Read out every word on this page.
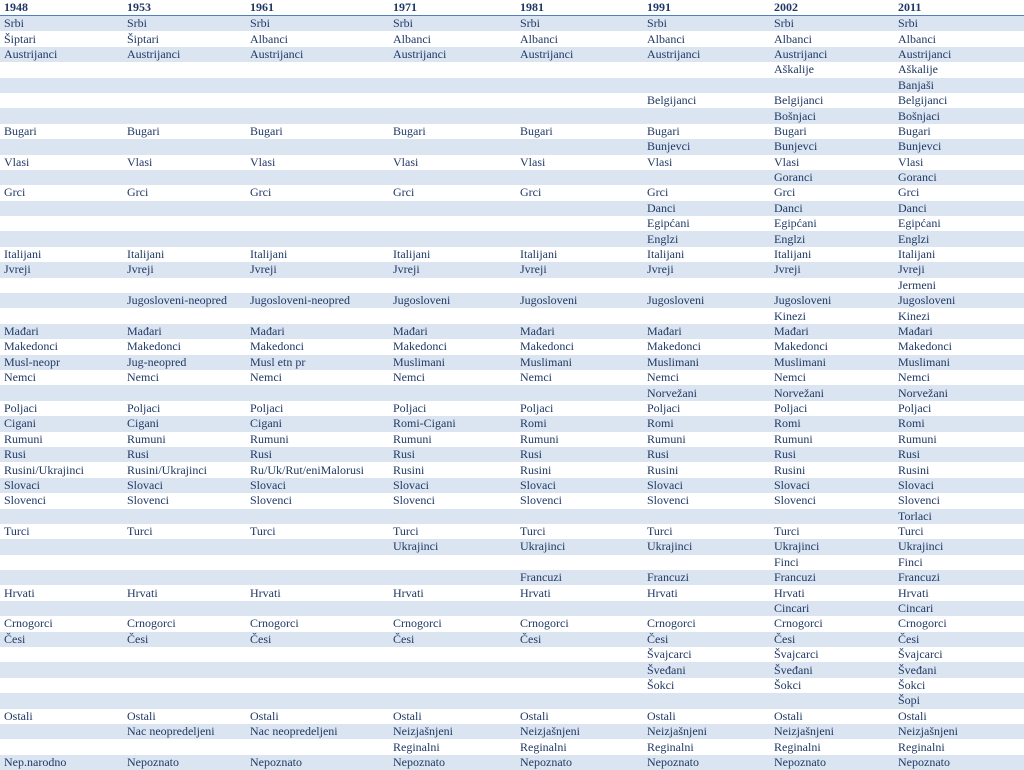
1948	1953	1961	1971	1981	1991	2002	2011
Srbi	Srbi	Srbi	Srbi	Srbi	Srbi	Srbi	Srbi
Šiptari	Šiptari	Albanci	Albanci	Albanci	Albanci	Albanci	Albanci
Austrijanci	Austrijanci	Austrijanci	Austrijanci	Austrijanci	Austrijanci	Austrijanci	Austrijanci
						Aškalije	Aškalije
							Banjaši
					Belgijanci	Belgijanci	Belgijanci
						Bošnjaci	Bošnjaci
Bugari	Bugari	Bugari	Bugari	Bugari	Bugari	Bugari	Bugari
					Bunjevci	Bunjevci	Bunjevci
Vlasi	Vlasi	Vlasi	Vlasi	Vlasi	Vlasi	Vlasi	Vlasi
						Goranci	Goranci
Grci	Grci	Grci	Grci	Grci	Grci	Grci	Grci
					Danci	Danci	Danci
					Egipćani	Egipćani	Egipćani
					Englzi	Englzi	Englzi
Italijani	Italijani	Italijani	Italijani	Italijani	Italijani	Italijani	Italijani
Jvreji	Jvreji	Jvreji	Jvreji	Jvreji	Jvreji	Jvreji	Jvreji
							Jermeni
	Jugosloveni-neopred	Jugosloveni-neopred	Jugosloveni	Jugosloveni	Jugosloveni	Jugosloveni	Jugosloveni
						Kinezi	Kinezi
Mađari	Mađari	Mađari	Mađari	Mađari	Mađari	Mađari	Mađari
Makedonci	Makedonci	Makedonci	Makedonci	Makedonci	Makedonci	Makedonci	Makedonci
Musl-neopr	Jug-neopred	Musl etn pr	Muslimani	Muslimani	Muslimani	Muslimani	Muslimani
Nemci	Nemci	Nemci	Nemci	Nemci	Nemci	Nemci	Nemci
					Norvežani	Norvežani	Norvežani
Poljaci	Poljaci	Poljaci	Poljaci	Poljaci	Poljaci	Poljaci	Poljaci
Cigani	Cigani	Cigani	Romi-Cigani	Romi	Romi	Romi	Romi
Rumuni	Rumuni	Rumuni	Rumuni	Rumuni	Rumuni	Rumuni	Rumuni
Rusi	Rusi	Rusi	Rusi	Rusi	Rusi	Rusi	Rusi
Rusini/Ukrajinci	Rusini/Ukrajinci	Ru/Uk/Rut/eniMalorusi	Rusini	Rusini	Rusini	Rusini	Rusini
Slovaci	Slovaci	Slovaci	Slovaci	Slovaci	Slovaci	Slovaci	Slovaci
Slovenci	Slovenci	Slovenci	Slovenci	Slovenci	Slovenci	Slovenci	Slovenci
							Torlaci
Turci	Turci	Turci	Turci	Turci	Turci	Turci	Turci
			Ukrajinci	Ukrajinci	Ukrajinci	Ukrajinci	Ukrajinci
						Finci	Finci
				Francuzi	Francuzi	Francuzi	Francuzi
Hrvati	Hrvati	Hrvati	Hrvati	Hrvati	Hrvati	Hrvati	Hrvati
						Cincari	Cincari
Crnogorci	Crnogorci	Crnogorci	Crnogorci	Crnogorci	Crnogorci	Crnogorci	Crnogorci
Česi	Česi	Česi	Česi	Česi	Česi	Česi	Česi
					Švajcarci	Švajcarci	Švajcarci
					Šveđani	Šveđani	Šveđani
					Šokci	Šokci	Šokci
							Šopi
Ostali	Ostali	Ostali	Ostali	Ostali	Ostali	Ostali	Ostali
	Nac neopredeljeni	Nac neopredeljeni	Neizjašnjeni	Neizjašnjeni	Neizjašnjeni	Neizjašnjeni	Neizjašnjeni
			Reginalni	Reginalni	Reginalni	Reginalni	Reginalni
Nep.narodno	Nepoznato	Nepoznato	Nepoznato	Nepoznato	Nepoznato	Nepoznato	Nepoznato
